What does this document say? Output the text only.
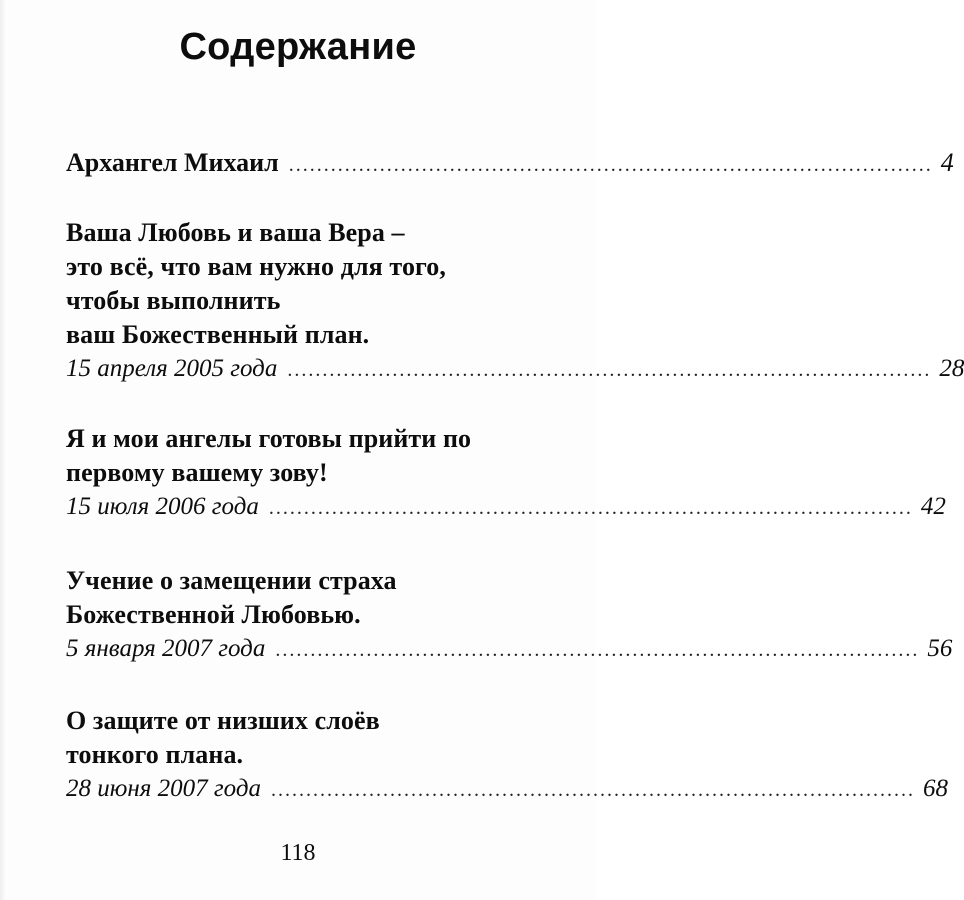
Содержание
Архангел Михаил ............................................................................................ 4
Ваша Любовь и ваша Вера –
это всё, что вам нужно для того,
чтобы выполнить
ваш Божественный план.
15 апреля 2005 года ............................................................................................ 28
Я и мои ангелы готовы прийти по
первому вашему зову!
15 июля 2006 года ............................................................................................ 42
Учение о замещении страха
Божественной Любовью.
5 января 2007 года ............................................................................................ 56
О защите от низших слоёв
тонкого плана.
28 июня 2007 года ............................................................................................ 68
118
